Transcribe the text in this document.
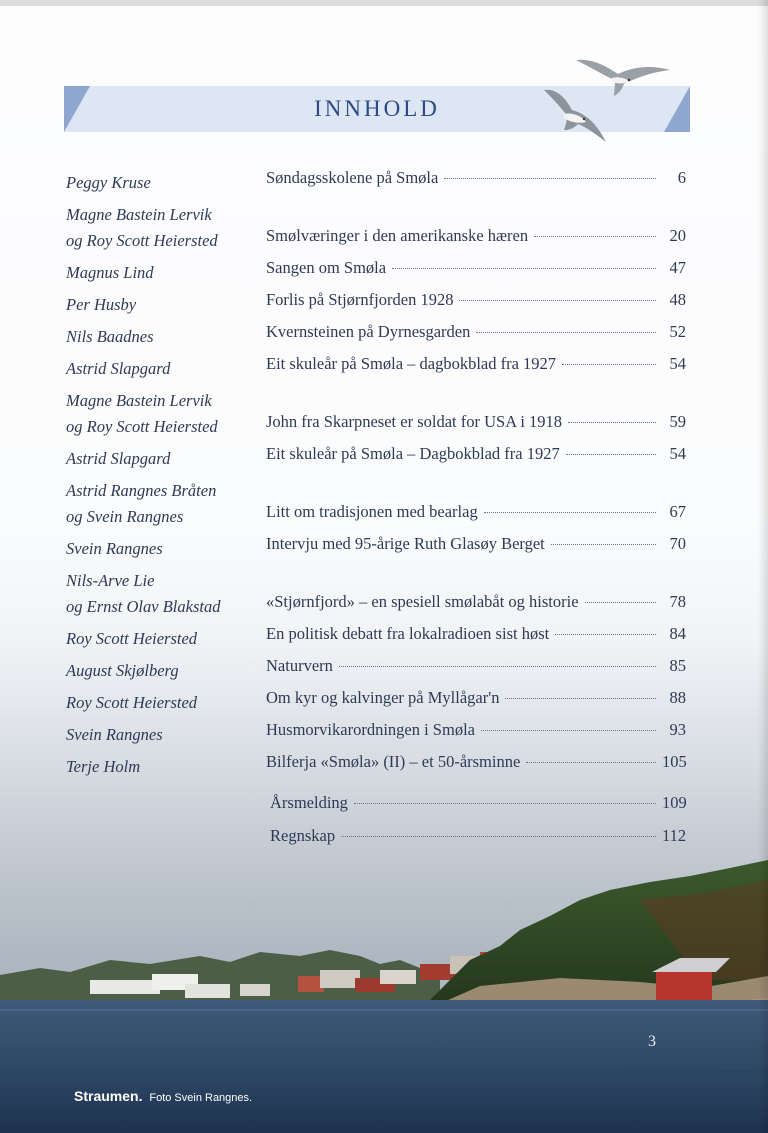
INNHOLD
Peggy Kruse	Søndagsskolene på Smøla	6
Magne Bastein Lervik
og Roy Scott Heiersted	Smølværinger i den amerikanske hæren	20
Magnus Lind	Sangen om Smøla	47
Per Husby	Forlis på Stjørnfjorden 1928	48
Nils Baadnes	Kvernsteinen på Dyrnesgarden	52
Astrid Slapgard	Eit skuleår på Smøla – dagbokblad fra 1927	54
Magne Bastein Lervik
og Roy Scott Heiersted	John fra Skarpneset er soldat for USA i 1918	59
Astrid Slapgard	Eit skuleår på Smøla – Dagbokblad fra 1927	54
Astrid Rangnes Bråten
og Svein Rangnes	Litt om tradisjonen med bearlag	67
Svein Rangnes	Intervju med 95-årige Ruth Glasøy Berget	70
Nils-Arve Lie
og Ernst Olav Blakstad	«Stjørnfjord» – en spesiell smølabåt og historie	78
Roy Scott Heiersted	En politisk debatt fra lokalradioen sist høst	84
August Skjølberg	Naturvern	85
Roy Scott Heiersted	Om kyr og kalvinger på Myllågar'n	88
Svein Rangnes	Husmorvikarordningen i Smøla	93
Terje Holm	Bilferja «Smøla» (II) – et 50-årsminne	105
Årsmelding	109
Regnskap	112
3
Straumen. Foto Svein Rangnes.
